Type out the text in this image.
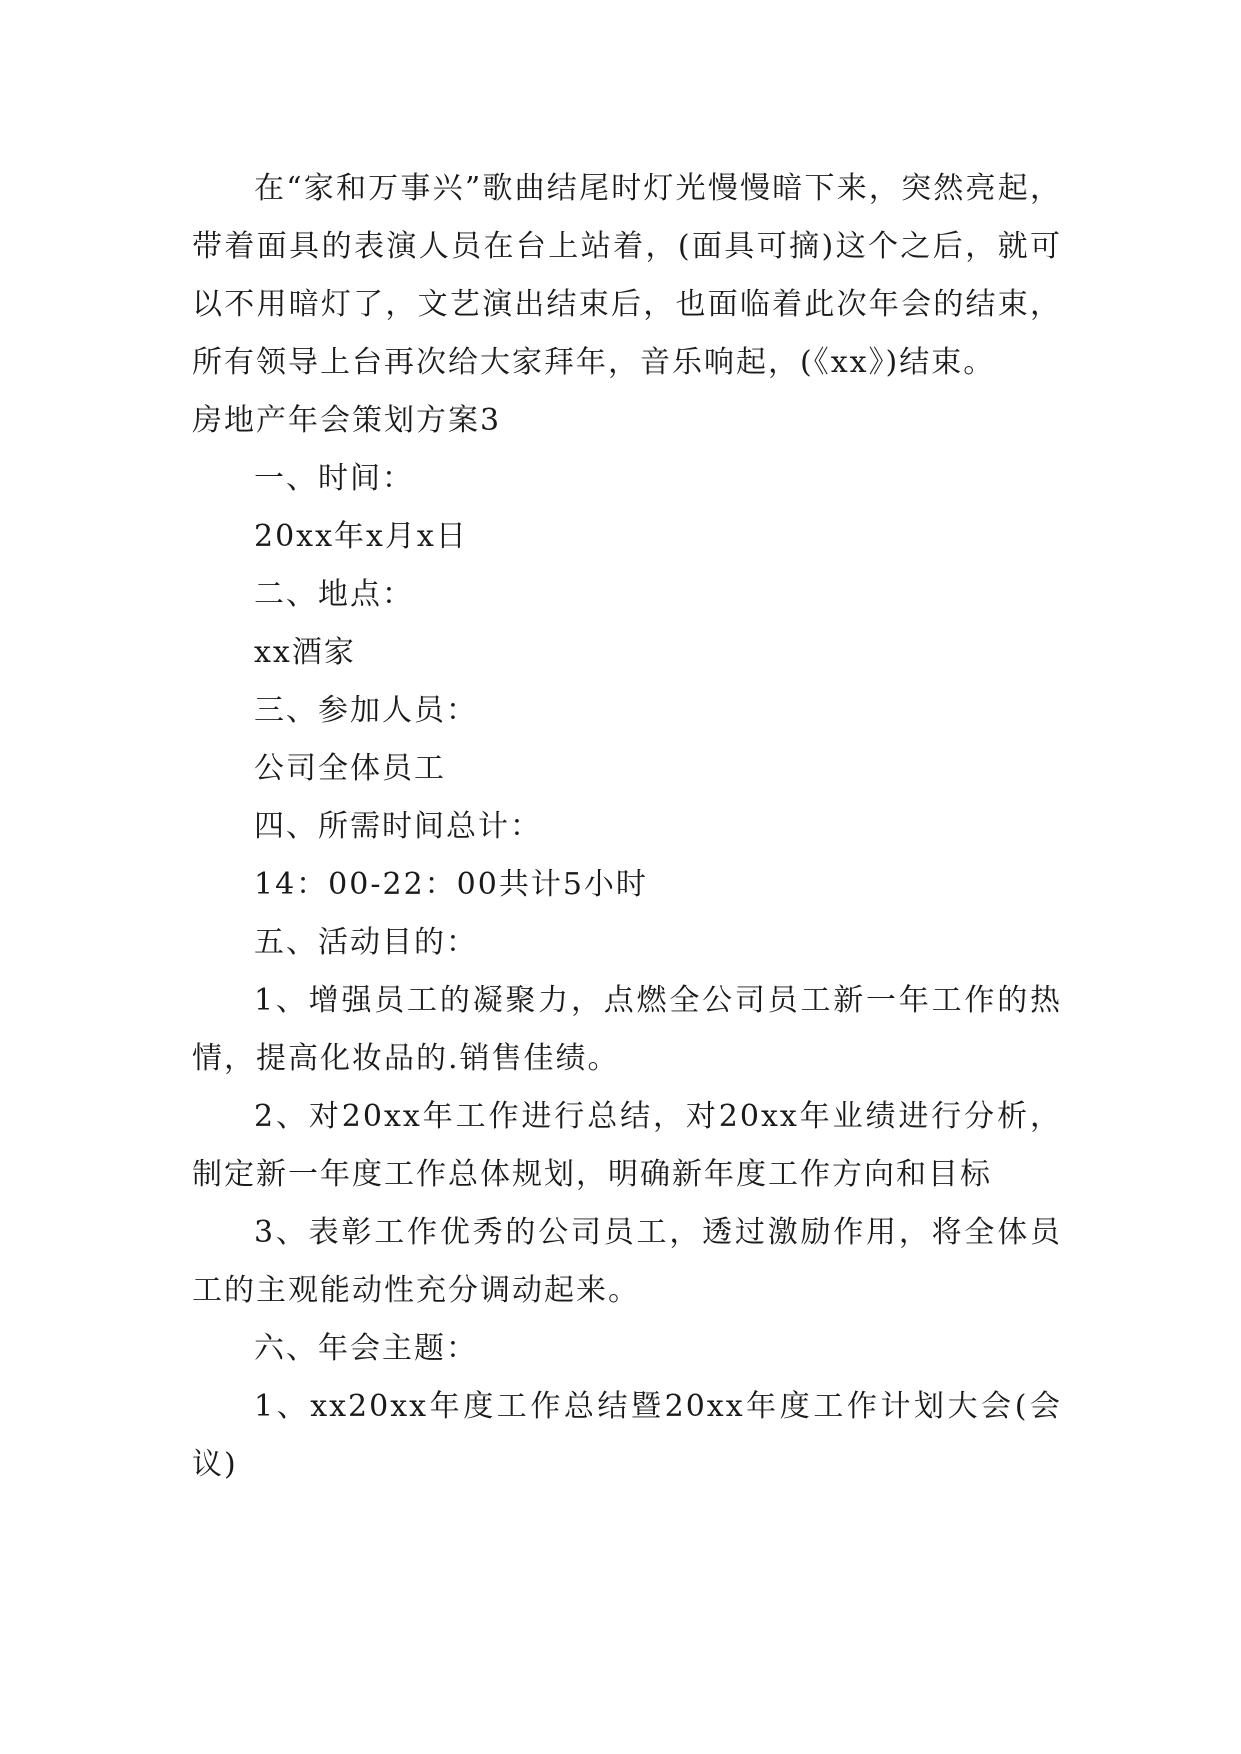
在“家和万事兴”歌曲结尾时灯光慢慢暗下来，突然亮起，带着面具的表演人员在台上站着，(面具可摘)这个之后，就可以不用暗灯了，文艺演出结束后，也面临着此次年会的结束，所有领导上台再次给大家拜年，音乐响起，(《xx》)结束。

房地产年会策划方案3

一、时间：

20xx年x月x日

二、地点：

xx酒家

三、参加人员：

公司全体员工

四、所需时间总计：

14：00-22：00共计5小时

五、活动目的：

1、增强员工的凝聚力，点燃全公司员工新一年工作的热情，提高化妆品的.销售佳绩。

2、对20xx年工作进行总结，对20xx年业绩进行分析，制定新一年度工作总体规划，明确新年度工作方向和目标

3、表彰工作优秀的公司员工，透过激励作用，将全体员工的主观能动性充分调动起来。

六、年会主题：

1、xx20xx年度工作总结暨20xx年度工作计划大会(会议)
